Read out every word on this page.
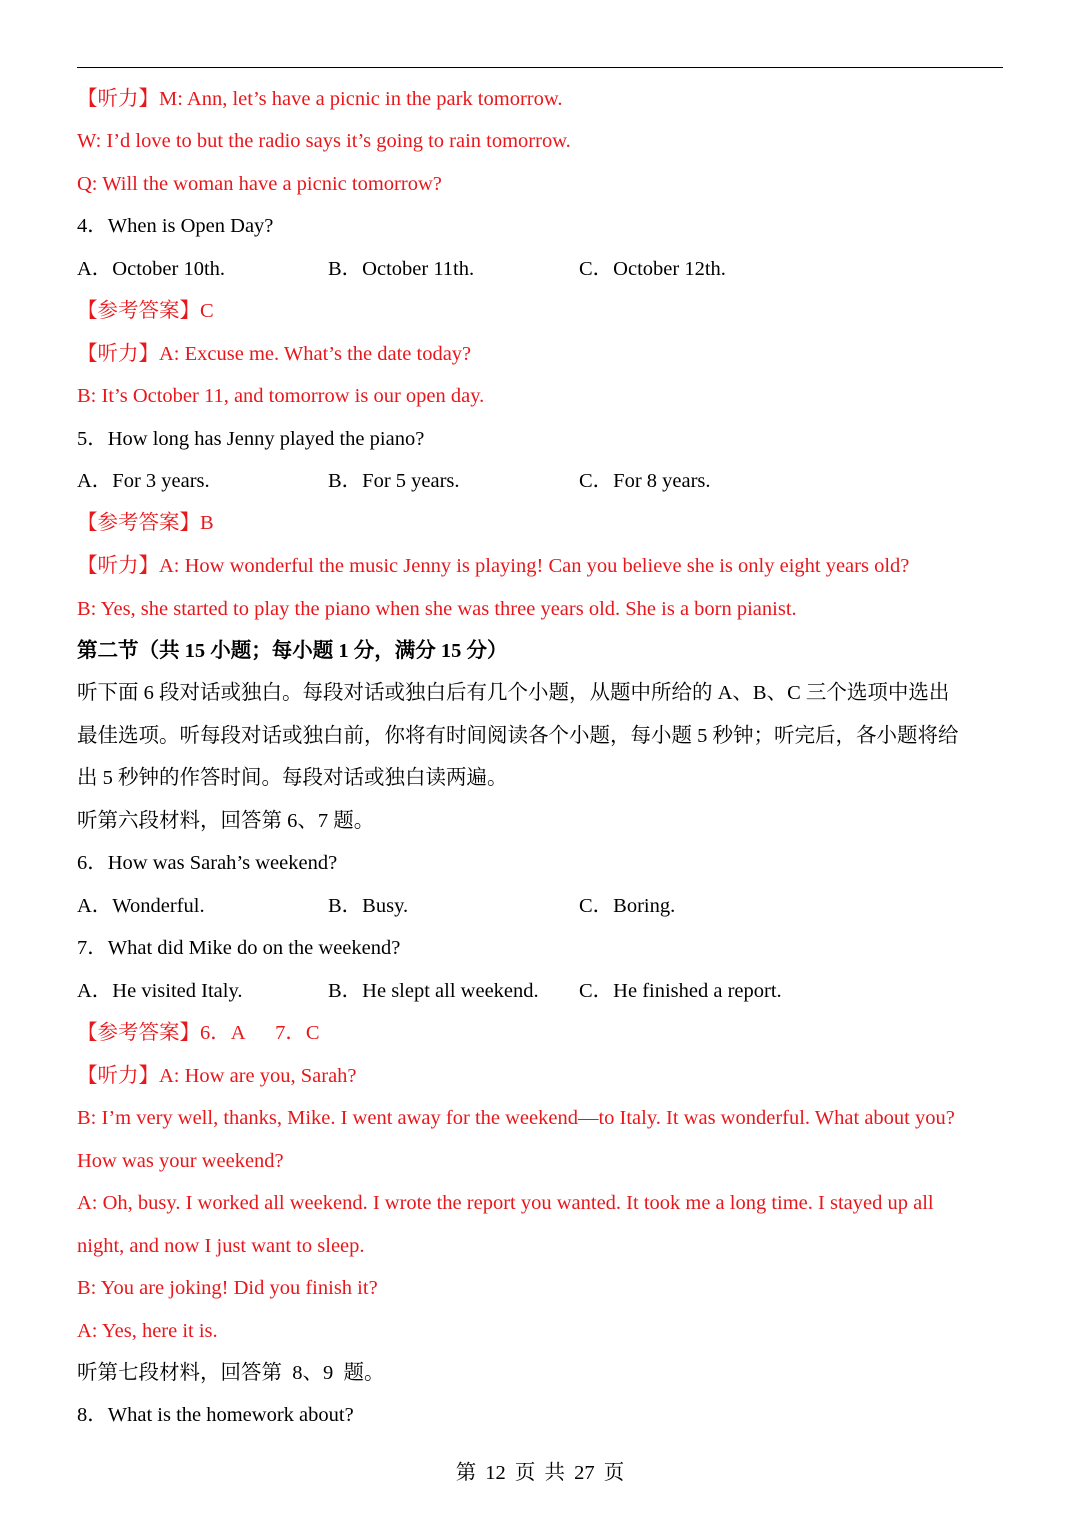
【听力】M: Ann, let’s have a picnic in the park tomorrow.
W: I’d love to but the radio says it’s going to rain tomorrow.
Q: Will the woman have a picnic tomorrow?
4．When is Open Day?
A．October 10th.	B．October 11th.	C．October 12th.
【参考答案】C
【听力】A: Excuse me. What’s the date today?
B: It’s October 11, and tomorrow is our open day.
5．How long has Jenny played the piano?
A．For 3 years.	B．For 5 years.	C．For 8 years.
【参考答案】B
【听力】A: How wonderful the music Jenny is playing! Can you believe she is only eight years old?
B: Yes, she started to play the piano when she was three years old. She is a born pianist.
第二节（共 15 小题；每小题 1 分，满分 15 分）
听下面 6 段对话或独白。每段对话或独白后有几个小题，从题中所给的 A、B、C 三个选项中选出
最佳选项。听每段对话或独白前，你将有时间阅读各个小题，每小题 5 秒钟；听完后，各小题将给
出 5 秒钟的作答时间。每段对话或独白读两遍。
听第六段材料，回答第 6、7 题。
6．How was Sarah’s weekend?
A．Wonderful.	B．Busy.	C．Boring.
7．What did Mike do on the weekend?
A．He visited Italy.	B．He slept all weekend. C．He finished a report.
【参考答案】6．A      7．C
【听力】A: How are you, Sarah?
B: I’m very well, thanks, Mike. I went away for the weekend—to Italy. It was wonderful. What about you?
How was your weekend?
A: Oh, busy. I worked all weekend. I wrote the report you wanted. It took me a long time. I stayed up all
night, and now I just want to sleep.
B: You are joking! Did you finish it?
A: Yes, here it is.
听第七段材料，回答第  8、9  题。
8．What is the homework about?
第 12 页 共 27 页
